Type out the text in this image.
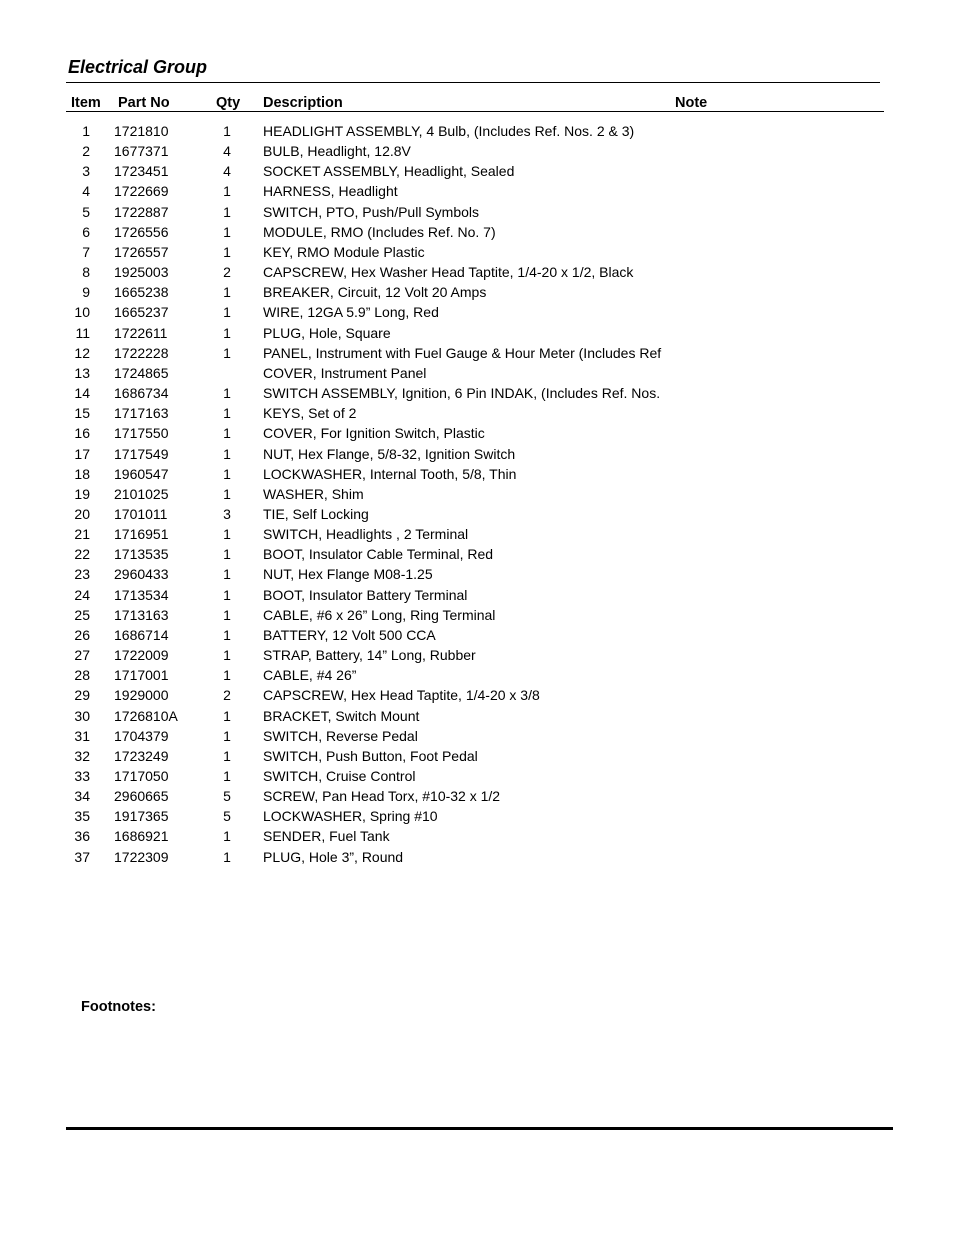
Electrical Group
Item Part No	Qty Description	Note
1 1721810	1 HEADLIGHT ASSEMBLY, 4 Bulb, (Includes Ref. Nos. 2 & 3)
2 1677371	4 BULB, Headlight, 12.8V
3 1723451	4 SOCKET ASSEMBLY, Headlight, Sealed
4 1722669	1 HARNESS, Headlight
5 1722887	1 SWITCH, PTO, Push/Pull Symbols
6 1726556	1 MODULE, RMO (Includes Ref. No. 7)
7 1726557	1 KEY, RMO Module Plastic
8 1925003	2 CAPSCREW, Hex Washer Head Taptite, 1/4-20 x 1/2, Black
9 1665238	1 BREAKER, Circuit, 12 Volt 20 Amps
10 1665237	1 WIRE, 12GA 5.9” Long, Red
11 1722611	1 PLUG, Hole, Square
12 1722228	1 PANEL, Instrument with Fuel Gauge & Hour Meter (Includes Ref
13 1724865	COVER, Instrument Panel
14 1686734	1 SWITCH ASSEMBLY, Ignition, 6 Pin INDAK, (Includes Ref. Nos.
15 1717163	1 KEYS, Set of 2
16 1717550	1 COVER, For Ignition Switch, Plastic
17 1717549	1 NUT, Hex Flange, 5/8-32, Ignition Switch
18 1960547	1 LOCKWASHER, Internal Tooth, 5/8, Thin
19 2101025	1 WASHER, Shim
20 1701011	3 TIE, Self Locking
21 1716951	1 SWITCH, Headlights , 2 Terminal
22 1713535	1 BOOT, Insulator Cable Terminal, Red
23 2960433	1 NUT, Hex Flange M08-1.25
24 1713534	1 BOOT, Insulator Battery Terminal
25 1713163	1 CABLE, #6 x 26” Long, Ring Terminal
26 1686714	1 BATTERY, 12 Volt 500 CCA
27 1722009	1 STRAP, Battery, 14” Long, Rubber
28 1717001	1 CABLE, #4 26”
29 1929000	2 CAPSCREW, Hex Head Taptite, 1/4-20 x 3/8
30 1726810A	1 BRACKET, Switch Mount
31 1704379	1 SWITCH, Reverse Pedal
32 1723249	1 SWITCH, Push Button, Foot Pedal
33 1717050	1 SWITCH, Cruise Control
34 2960665	5 SCREW, Pan Head Torx, #10-32 x 1/2
35 1917365	5 LOCKWASHER, Spring #10
36 1686921	1 SENDER, Fuel Tank
37 1722309	1 PLUG, Hole 3”, Round
Footnotes:
